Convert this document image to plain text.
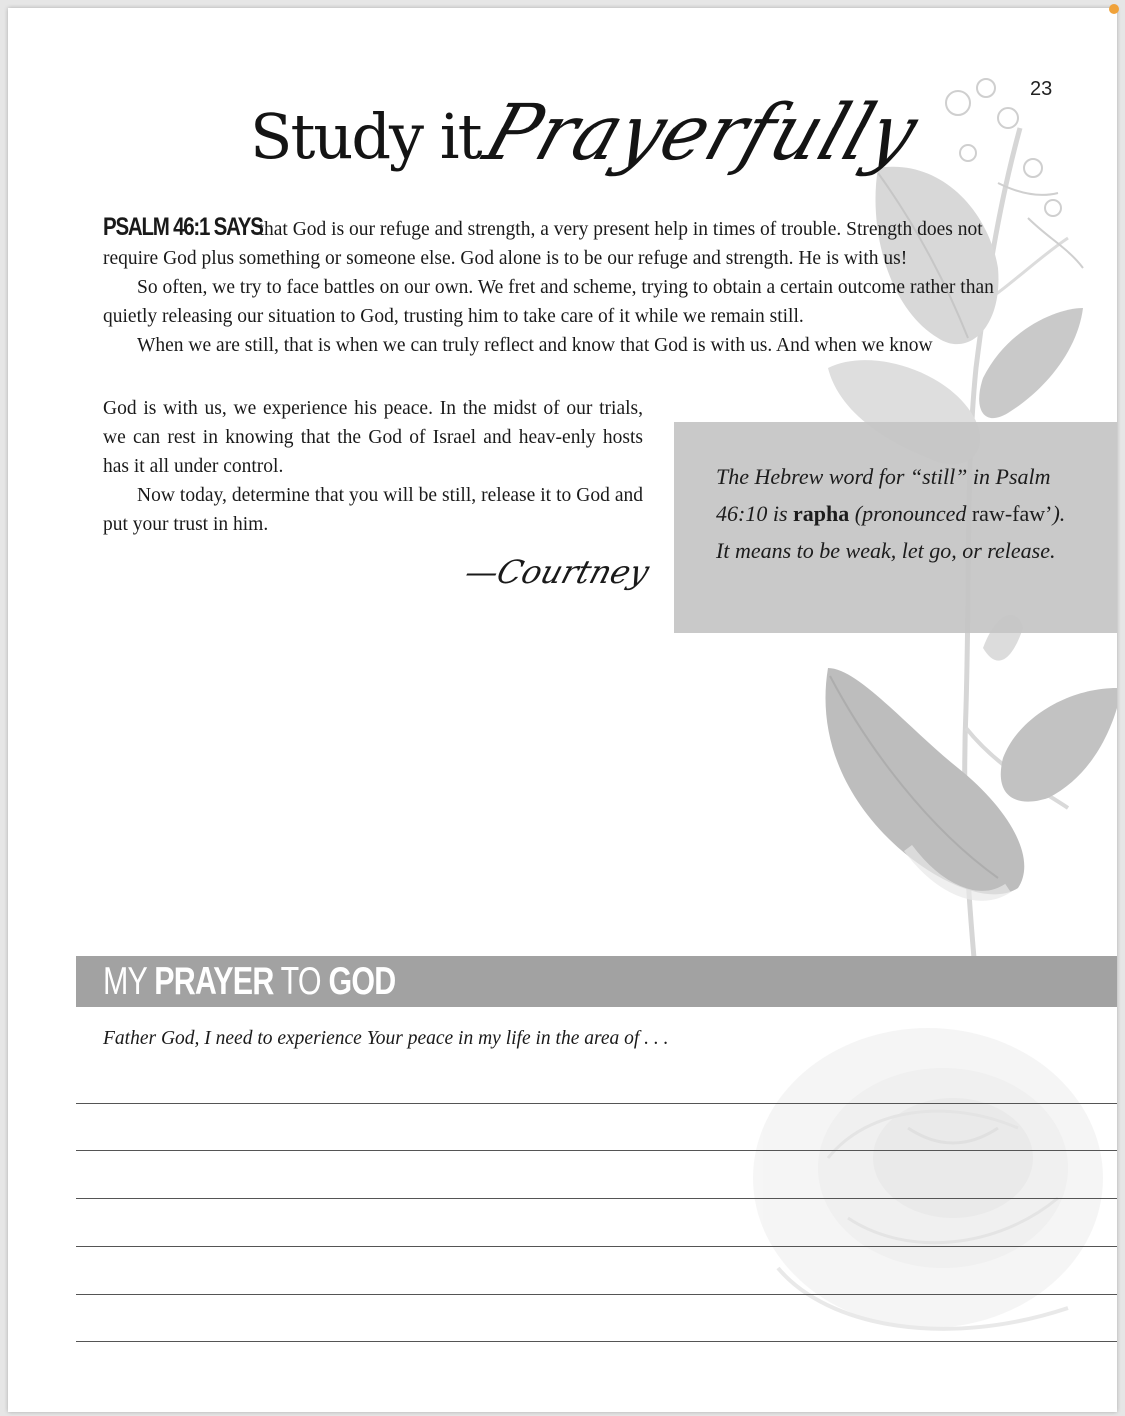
23
Study itPrayerfully

PSALM 46:1 SAYS that God is our refuge and strength, a very present help in times of trouble. Strength does not require God plus something or someone else. God alone is to be our refuge and strength. He is with us!

So often, we try to face battles on our own. We fret and scheme, trying to obtain a certain outcome rather than quietly releasing our situation to God, trusting him to take care of it while we remain still.

When we are still, that is when we can truly reflect and know that God is with us. And when we know

God is with us, we experience his peace. In the midst of our trials, we can rest in knowing that the God of Israel and heav-enly hosts has it all under control.

Now today, determine that you will be still, release it to God and put your trust in him.

—Courtney
The Hebrew word for “still” in Psalm 46:10 is rapha (pronounced raw-faw’). It means to be weak, let go, or release.
MY PRAYER TO GOD
Father God, I need to experience Your peace in my life in the area of . . .
